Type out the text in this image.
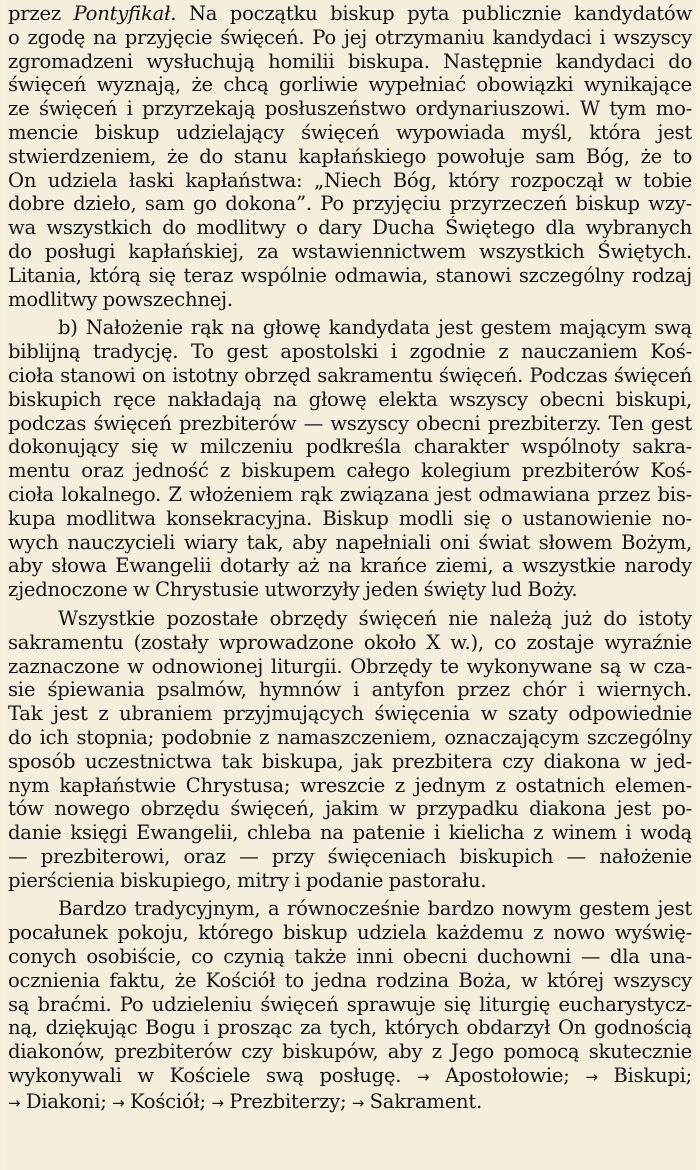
przez Pontyfikał. Na początku biskup pyta publicznie kandydatów
o zgodę na przyjęcie święceń. Po jej otrzymaniu kandydaci i wszyscy
zgromadzeni wysłuchują homilii biskupa. Następnie kandydaci do
święceń wyznają, że chcą gorliwie wypełniać obowiązki wynikające
ze święceń i przyrzekają posłuszeństwo ordynariuszowi. W tym mo-
mencie biskup udzielający święceń wypowiada myśl, która jest
stwierdzeniem, że do stanu kapłańskiego powołuje sam Bóg, że to
On udziela łaski kapłaństwa: „Niech Bóg, który rozpoczął w tobie
dobre dzieło, sam go dokona”. Po przyjęciu przyrzeczeń biskup wzy-
wa wszystkich do modlitwy o dary Ducha Świętego dla wybranych
do posługi kapłańskiej, za wstawiennictwem wszystkich Świętych.
Litania, którą się teraz wspólnie odmawia, stanowi szczególny rodzaj
modlitwy powszechnej.

b) Nałożenie rąk na głowę kandydata jest gestem mającym swą
biblijną tradycję. To gest apostolski i zgodnie z nauczaniem Koś-
cioła stanowi on istotny obrzęd sakramentu święceń. Podczas święceń
biskupich ręce nakładają na głowę elekta wszyscy obecni biskupi,
podczas święceń prezbiterów — wszyscy obecni prezbiterzy. Ten gest
dokonujący się w milczeniu podkreśla charakter wspólnoty sakra-
mentu oraz jedność z biskupem całego kolegium prezbiterów Koś-
cioła lokalnego. Z włożeniem rąk związana jest odmawiana przez bis-
kupa modlitwa konsekracyjna. Biskup modli się o ustanowienie no-
wych nauczycieli wiary tak, aby napełniali oni świat słowem Bożym,
aby słowa Ewangelii dotarły aż na krańce ziemi, a wszystkie narody
zjednoczone w Chrystusie utworzyły jeden święty lud Boży.

Wszystkie pozostałe obrzędy święceń nie należą już do istoty
sakramentu (zostały wprowadzone około X w.), co zostaje wyraźnie
zaznaczone w odnowionej liturgii. Obrzędy te wykonywane są w cza-
sie śpiewania psalmów, hymnów i antyfon przez chór i wiernych.
Tak jest z ubraniem przyjmujących święcenia w szaty odpowiednie
do ich stopnia; podobnie z namaszczeniem, oznaczającym szczególny
sposób uczestnictwa tak biskupa, jak prezbitera czy diakona w jed-
nym kapłaństwie Chrystusa; wreszcie z jednym z ostatnich elemen-
tów nowego obrzędu święceń, jakim w przypadku diakona jest po-
danie księgi Ewangelii, chleba na patenie i kielicha z winem i wodą
— prezbiterowi, oraz — przy święceniach biskupich — nałożenie
pierścienia biskupiego, mitry i podanie pastorału.

Bardzo tradycyjnym, a równocześnie bardzo nowym gestem jest
pocałunek pokoju, którego biskup udziela każdemu z nowo wyświę-
conych osobiście, co czynią także inni obecni duchowni — dla una-
ocznienia faktu, że Kościół to jedna rodzina Boża, w której wszyscy
są braćmi. Po udzieleniu święceń sprawuje się liturgię eucharystycz-
ną, dziękując Bogu i prosząc za tych, których obdarzył On godnością
diakonów, prezbiterów czy biskupów, aby z Jego pomocą skutecznie
wykonywali w Kościele swą posługę. → Apostołowie; → Biskupi;
→ Diakoni; → Kościół; → Prezbiterzy; → Sakrament.
